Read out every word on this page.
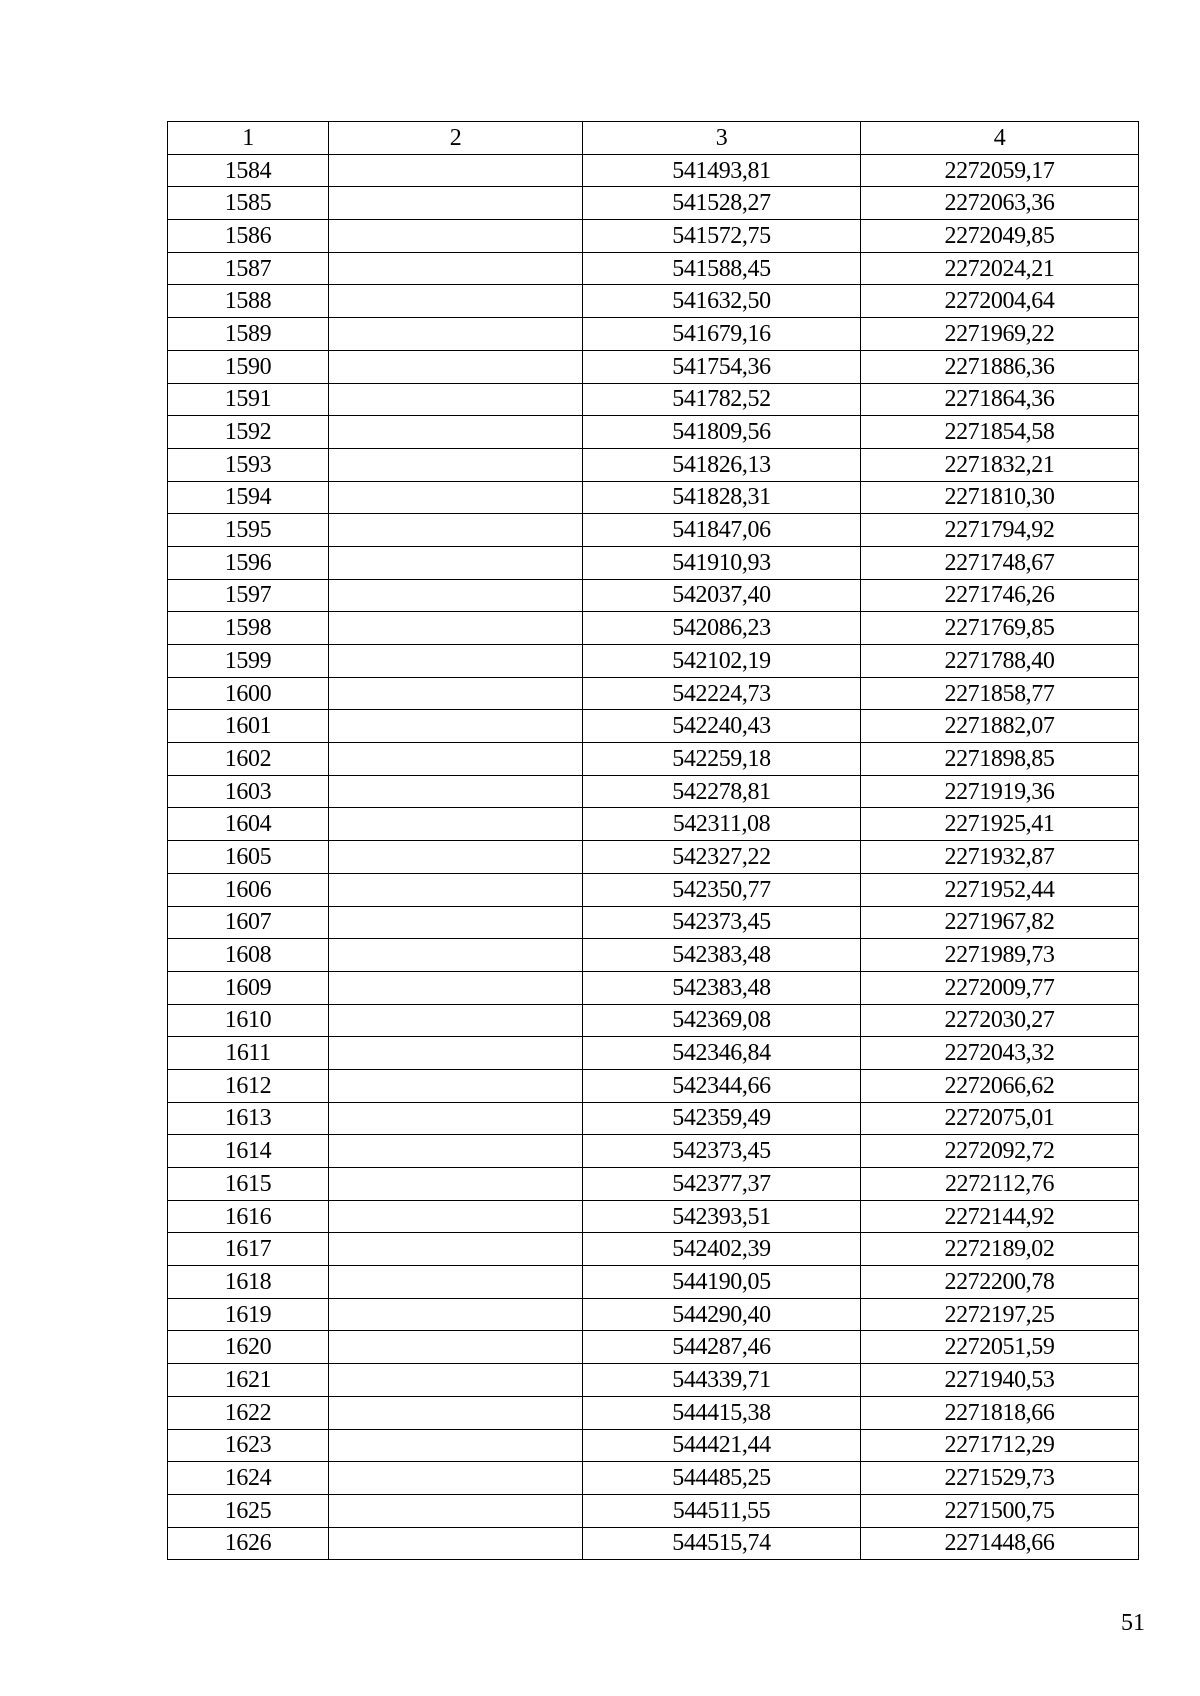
1	2	3	4
1584		541493,81	2272059,17
1585		541528,27	2272063,36
1586		541572,75	2272049,85
1587		541588,45	2272024,21
1588		541632,50	2272004,64
1589		541679,16	2271969,22
1590		541754,36	2271886,36
1591		541782,52	2271864,36
1592		541809,56	2271854,58
1593		541826,13	2271832,21
1594		541828,31	2271810,30
1595		541847,06	2271794,92
1596		541910,93	2271748,67
1597		542037,40	2271746,26
1598		542086,23	2271769,85
1599		542102,19	2271788,40
1600		542224,73	2271858,77
1601		542240,43	2271882,07
1602		542259,18	2271898,85
1603		542278,81	2271919,36
1604		542311,08	2271925,41
1605		542327,22	2271932,87
1606		542350,77	2271952,44
1607		542373,45	2271967,82
1608		542383,48	2271989,73
1609		542383,48	2272009,77
1610		542369,08	2272030,27
1611		542346,84	2272043,32
1612		542344,66	2272066,62
1613		542359,49	2272075,01
1614		542373,45	2272092,72
1615		542377,37	2272112,76
1616		542393,51	2272144,92
1617		542402,39	2272189,02
1618		544190,05	2272200,78
1619		544290,40	2272197,25
1620		544287,46	2272051,59
1621		544339,71	2271940,53
1622		544415,38	2271818,66
1623		544421,44	2271712,29
1624		544485,25	2271529,73
1625		544511,55	2271500,75
1626		544515,74	2271448,66
51
